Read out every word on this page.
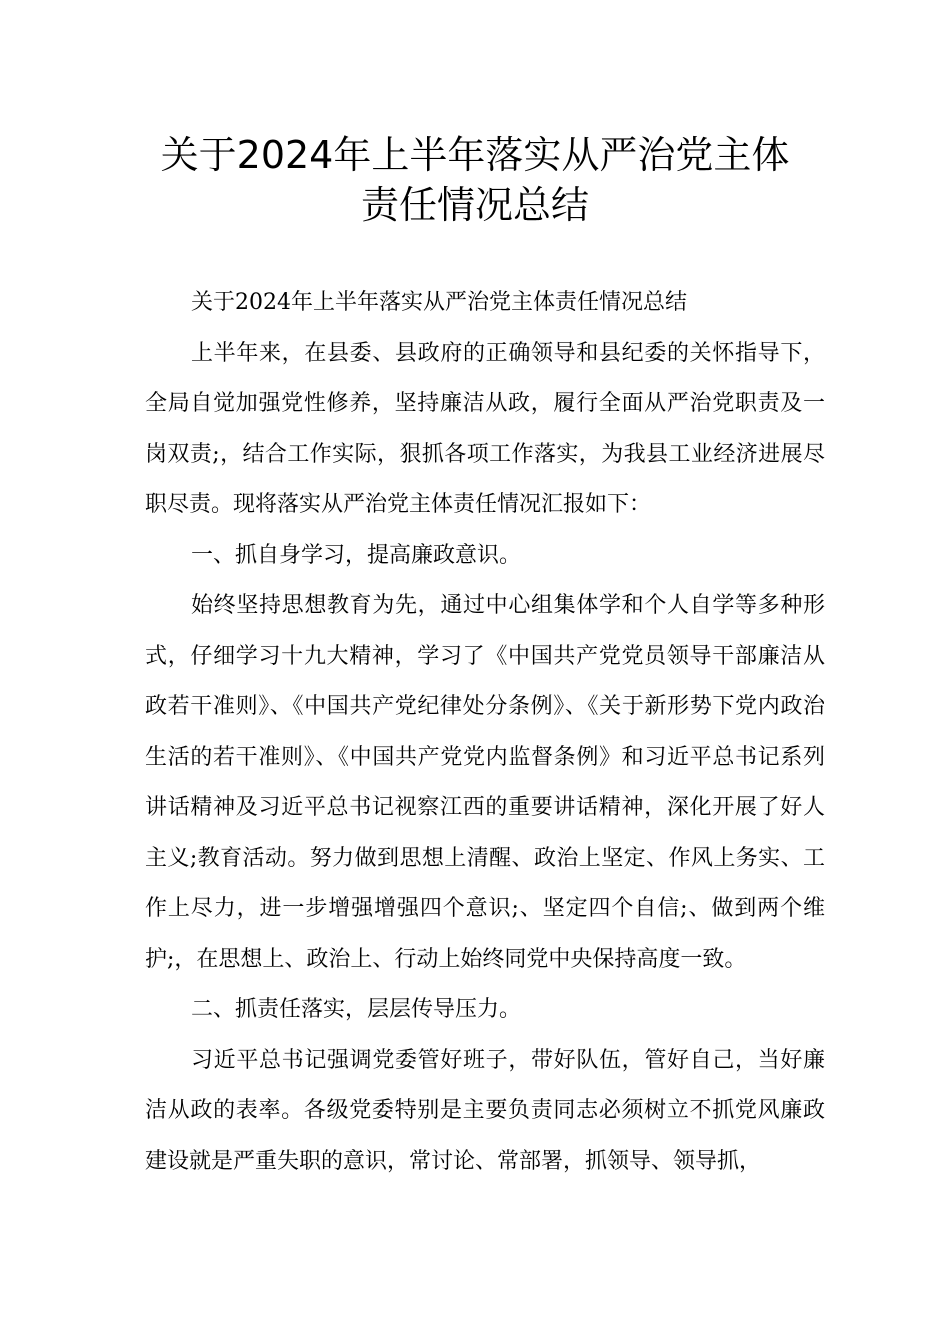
关于2024年上半年落实从严治党主体
责任情况总结

关于2024年上半年落实从严治党主体责任情况总结

上半年来，在县委、县政府的正确领导和县纪委的关怀指导下，全局自觉加强党性修养，坚持廉洁从政，履行全面从严治党职责及一岗双责;，结合工作实际，狠抓各项工作落实，为我县工业经济进展尽职尽责。现将落实从严治党主体责任情况汇报如下：

一、抓自身学习，提高廉政意识。

始终坚持思想教育为先，通过中心组集体学和个人自学等多种形式，仔细学习十九大精神，学习了《中国共产党党员领导干部廉洁从政若干准则》、《中国共产党纪律处分条例》、《关于新形势下党内政治生活的若干准则》、《中国共产党党内监督条例》和习近平总书记系列讲话精神及习近平总书记视察江西的重要讲话精神，深化开展了好人主义;教育活动。努力做到思想上清醒、政治上坚定、作风上务实、工作上尽力，进一步增强增强四个意识;、坚定四个自信;、做到两个维护;，在思想上、政治上、行动上始终同党中央保持高度一致。

二、抓责任落实，层层传导压力。

习近平总书记强调党委管好班子，带好队伍，管好自己，当好廉洁从政的表率。各级党委特别是主要负责同志必须树立不抓党风廉政建设就是严重失职的意识，常讨论、常部署，抓领导、领导抓，
